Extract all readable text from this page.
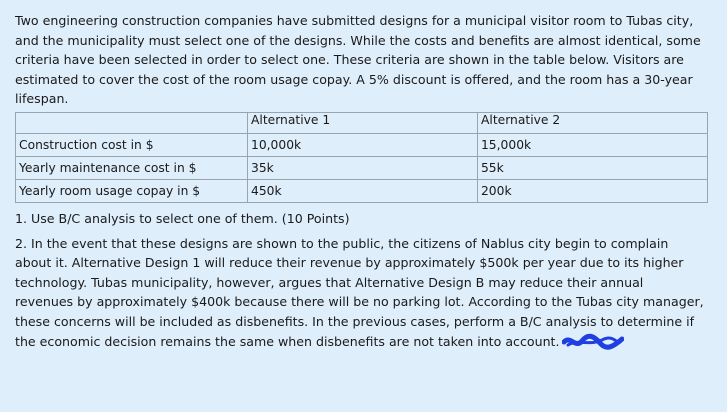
Two engineering construction companies have submitted designs for a municipal visitor room to Tubas city, and the municipality must select one of the designs. While the costs and benefits are almost identical, some criteria have been selected in order to select one. These criteria are shown in the table below. Visitors are estimated to cover the cost of the room usage copay. A 5% discount is offered, and the room has a 30-year lifespan.

	Alternative 1	Alternative 2
Construction cost in $	10,000k	15,000k
Yearly maintenance cost in $	35k	55k
Yearly room usage copay in $	450k	200k

1. Use B/C analysis to select one of them. (10 Points)

2. In the event that these designs are shown to the public, the citizens of Nablus city begin to complain about it. Alternative Design 1 will reduce their revenue by approximately $500k per year due to its higher technology. Tubas municipality, however, argues that Alternative Design B may reduce their annual revenues by approximately $400k because there will be no parking lot. According to the Tubas city manager, these concerns will be included as disbenefits. In the previous cases, perform a B/C analysis to determine if the economic decision remains the same when disbenefits are not taken into account.
